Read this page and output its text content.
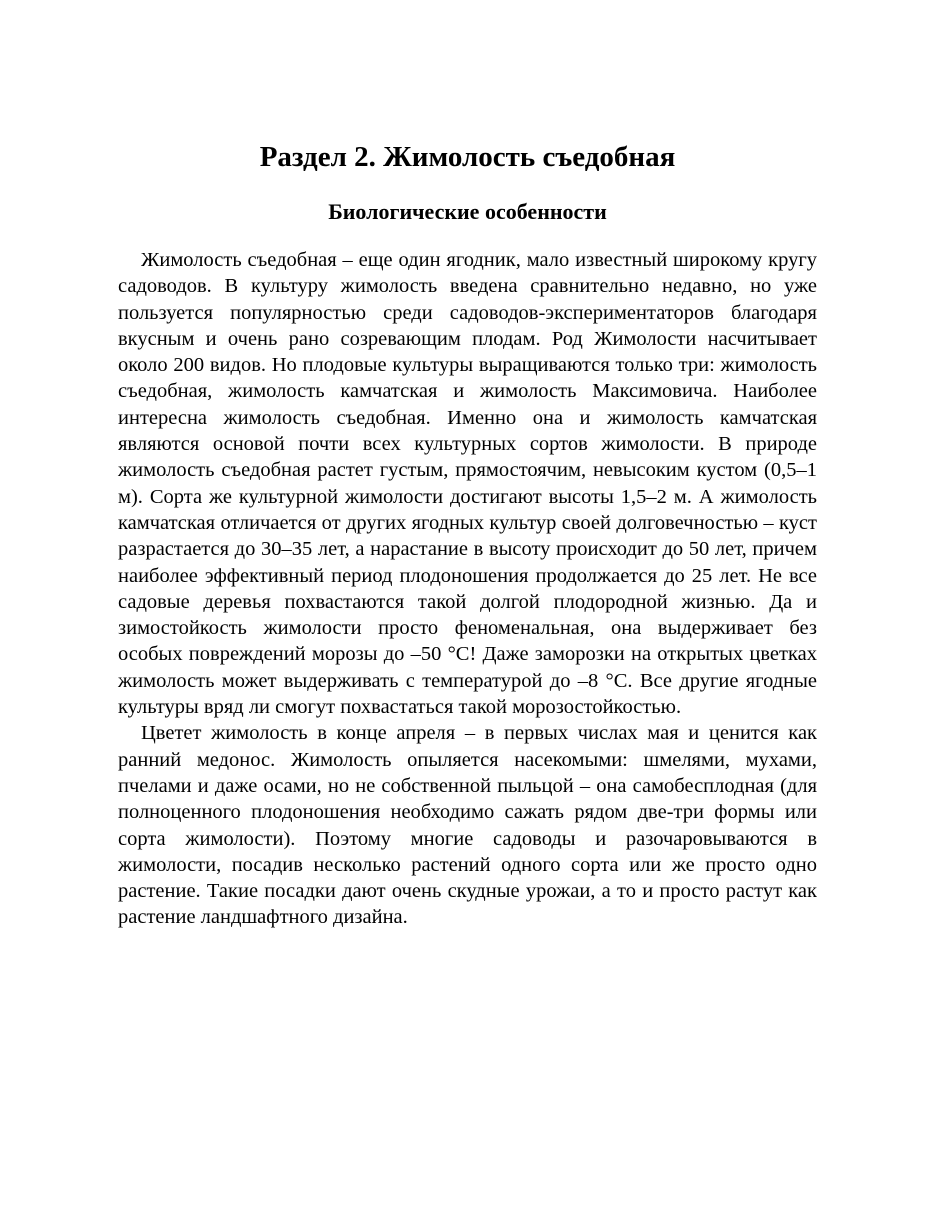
Раздел 2. Жимолость съедобная
Биологические особенности

Жимолость съедобная – еще один ягодник, мало известный широкому кругу садоводов. В культуру жимолость введена сравнительно недавно, но уже пользуется популярностью среди садоводов-экспериментаторов благодаря вкусным и очень рано созревающим плодам. Род Жимолости насчитывает около 200 видов. Но плодовые культуры выращиваются только три: жимолость съедобная, жимолость камчатская и жимолость Максимовича. Наиболее интересна жимолость съедобная. Именно она и жимолость камчатская являются основой почти всех культурных сортов жимолости. В природе жимолость съедобная растет густым, прямостоячим, невысоким кустом (0,5–1 м). Сорта же культурной жимолости достигают высоты 1,5–2 м. А жимолость камчатская отличается от других ягодных культур своей долговечностью – куст разрастается до 30–35 лет, а нарастание в высоту происходит до 50 лет, причем наиболее эффективный период плодоношения продолжается до 25 лет. Не все садовые деревья похвастаются такой долгой плодородной жизнью. Да и зимостойкость жимолости просто феноменальная, она выдерживает без особых повреждений морозы до –50 °С! Даже заморозки на открытых цветках жимолость может выдерживать с температурой до –8 °С. Все другие ягодные культуры вряд ли смогут похвастаться такой морозостойкостью.

Цветет жимолость в конце апреля – в первых числах мая и ценится как ранний медонос. Жимолость опыляется насекомыми: шмелями, мухами, пчелами и даже осами, но не собственной пыльцой – она самобесплодная (для полноценного плодоношения необходимо сажать рядом две-три формы или сорта жимолости). Поэтому многие садоводы и разочаровываются в жимолости, посадив несколько растений одного сорта или же просто одно растение. Такие посадки дают очень скудные урожаи, а то и просто растут как растение ландшафтного дизайна.
